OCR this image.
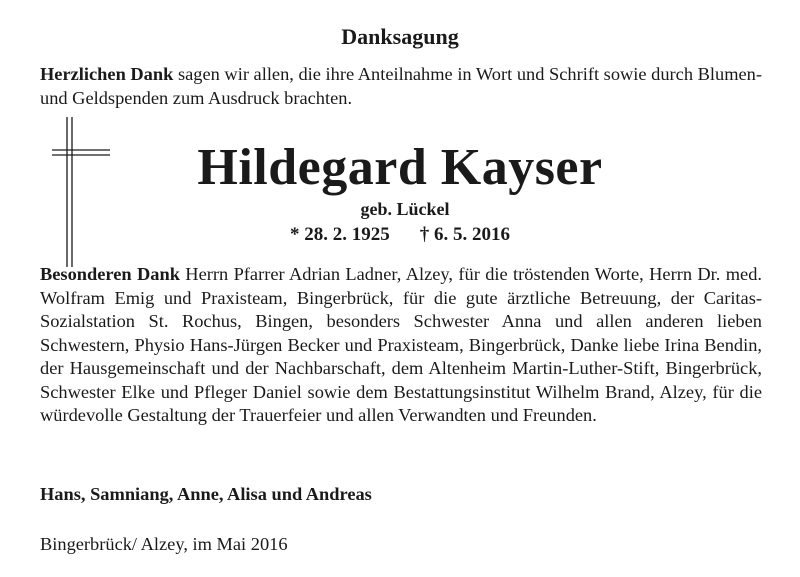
Danksagung
Herzlichen Dank sagen wir allen, die ihre Anteilnahme in Wort und Schrift sowie durch Blumen- und Geldspenden zum Ausdruck brachten.
Hildegard Kayser
geb. Lückel
* 28. 2. 1925 † 6. 5. 2016
Besonderen Dank Herrn Pfarrer Adrian Ladner, Alzey, für die tröstenden Worte, Herrn Dr. med. Wolfram Emig und Praxisteam, Bingerbrück, für die gute ärztliche Betreuung, der Caritas-Sozialstation St. Rochus, Bingen, besonders Schwester Anna und allen anderen lieben Schwestern, Physio Hans-Jürgen Becker und Praxisteam, Bingerbrück, Danke liebe Irina Bendin, der Hausgemeinschaft und der Nachbarschaft, dem Altenheim Martin-Luther-Stift, Bingerbrück, Schwester Elke und Pfleger Daniel sowie dem Bestattungsinstitut Wilhelm Brand, Alzey, für die würdevolle Gestaltung der Trauerfeier und allen Verwandten und Freunden.
Hans, Samniang, Anne, Alisa und Andreas
Bingerbrück/ Alzey, im Mai 2016
